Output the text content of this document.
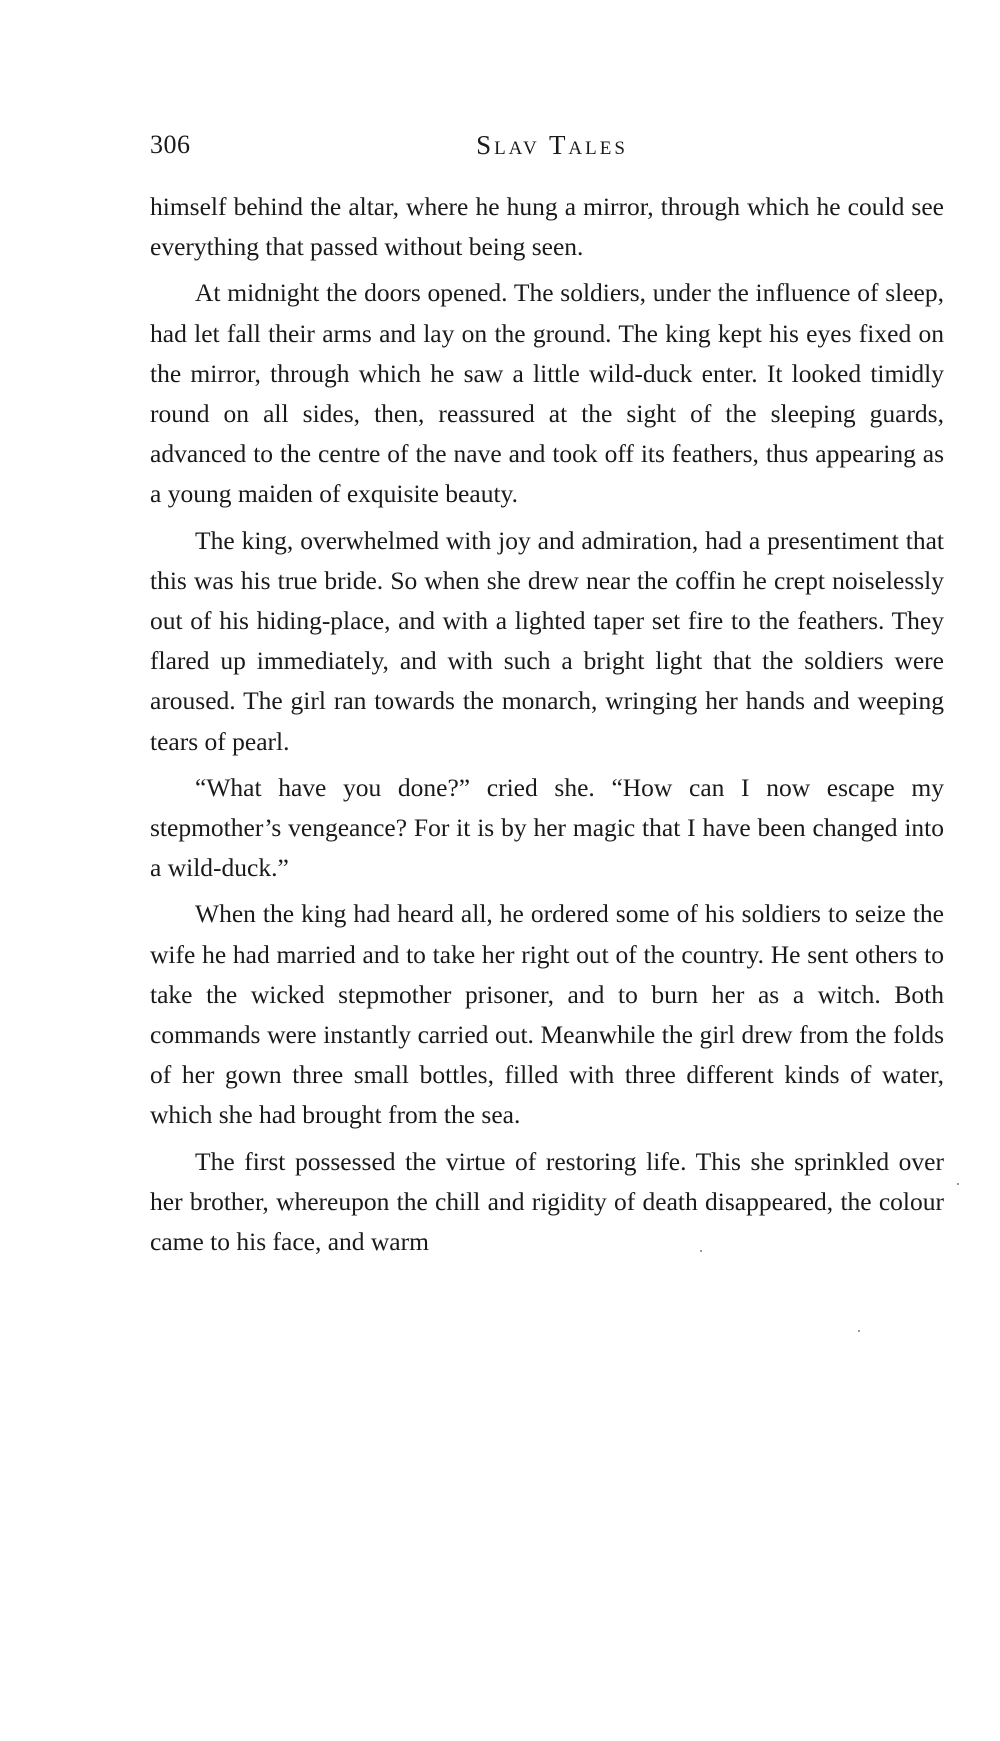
306	Slav Tales

himself behind the altar, where he hung a mirror, through which he could see everything that passed without being seen.

At midnight the doors opened. The soldiers, under the influence of sleep, had let fall their arms and lay on the ground. The king kept his eyes fixed on the mirror, through which he saw a little wild-duck enter. It looked timidly round on all sides, then, reassured at the sight of the sleeping guards, advanced to the centre of the nave and took off its feathers, thus appearing as a young maiden of exquisite beauty.

The king, overwhelmed with joy and admiration, had a presentiment that this was his true bride. So when she drew near the coffin he crept noiselessly out of his hiding-place, and with a lighted taper set fire to the feathers. They flared up immediately, and with such a bright light that the soldiers were aroused. The girl ran towards the monarch, wringing her hands and weeping tears of pearl.

“What have you done?” cried she. “How can I now escape my stepmother’s vengeance? For it is by her magic that I have been changed into a wild-duck.”

When the king had heard all, he ordered some of his soldiers to seize the wife he had married and to take her right out of the country. He sent others to take the wicked stepmother prisoner, and to burn her as a witch. Both commands were instantly carried out. Meanwhile the girl drew from the folds of her gown three small bottles, filled with three different kinds of water, which she had brought from the sea.

The first possessed the virtue of restoring life. This she sprinkled over her brother, whereupon the chill and rigidity of death disappeared, the colour came to his face, and warm
